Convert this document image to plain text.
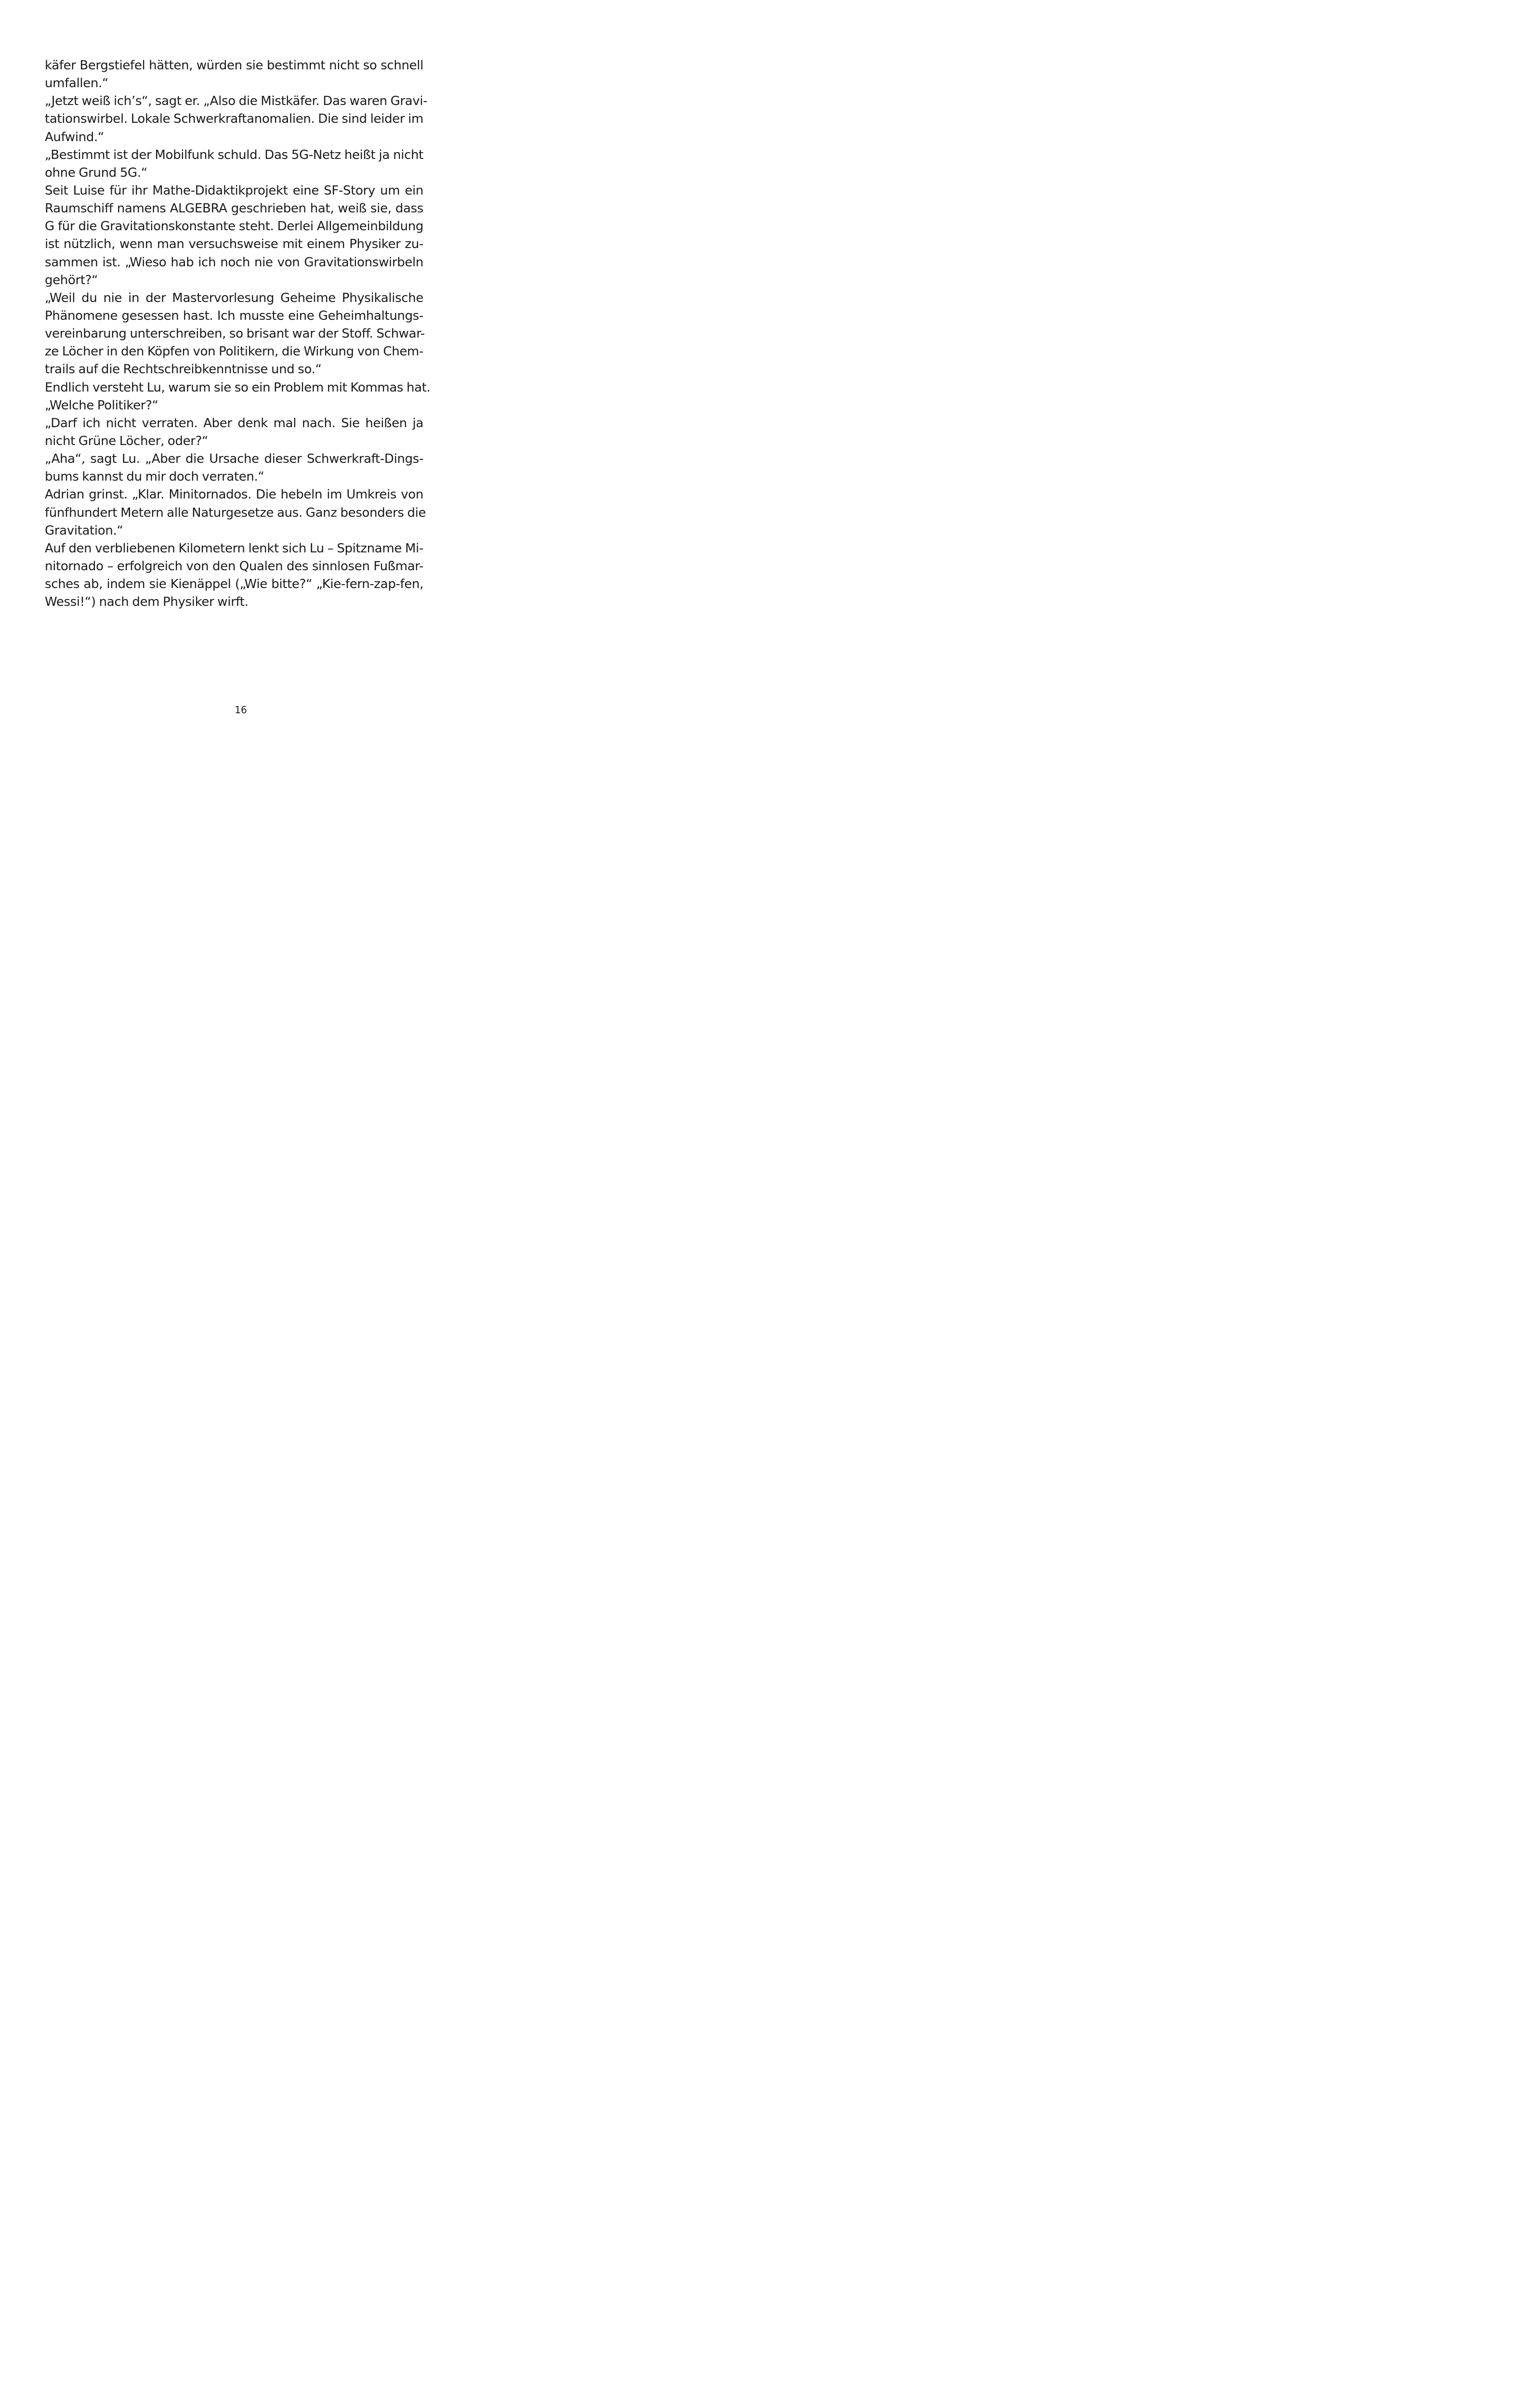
käfer Bergstiefel hätten, würden sie bestimmt nicht so schnell
umfallen.“
„Jetzt weiß ich’s“, sagt er. „Also die Mistkäfer. Das waren Gravi-
tationswirbel. Lokale Schwerkraftanomalien. Die sind leider im
Aufwind.“
„Bestimmt ist der Mobilfunk schuld. Das 5G-Netz heißt ja nicht
ohne Grund 5G.“
Seit Luise für ihr Mathe-Didaktikprojekt eine SF-Story um ein
Raumschiff namens ALGEBRA geschrieben hat, weiß sie, dass
G für die Gravitationskonstante steht. Derlei Allgemeinbildung
ist nützlich, wenn man versuchsweise mit einem Physiker zu-
sammen ist. „Wieso hab ich noch nie von Gravitationswirbeln
gehört?“
„Weil du nie in der Mastervorlesung Geheime Physikalische
Phänomene gesessen hast. Ich musste eine Geheimhaltungs-
vereinbarung unterschreiben, so brisant war der Stoff. Schwar-
ze Löcher in den Köpfen von Politikern, die Wirkung von Chem-
trails auf die Rechtschreibkenntnisse und so.“
Endlich versteht Lu, warum sie so ein Problem mit Kommas hat.
„Welche Politiker?“
„Darf ich nicht verraten. Aber denk mal nach. Sie heißen ja
nicht Grüne Löcher, oder?“
„Aha“, sagt Lu. „Aber die Ursache dieser Schwerkraft-Dings-
bums kannst du mir doch verraten.“
Adrian grinst. „Klar. Minitornados. Die hebeln im Umkreis von
fünfhundert Metern alle Naturgesetze aus. Ganz besonders die
Gravitation.“
Auf den verbliebenen Kilometern lenkt sich Lu – Spitzname Mi-
nitornado – erfolgreich von den Qualen des sinnlosen Fußmar-
sches ab, indem sie Kienäppel („Wie bitte?“ „Kie-fern-zap-fen,
Wessi!“) nach dem Physiker wirft.
16
